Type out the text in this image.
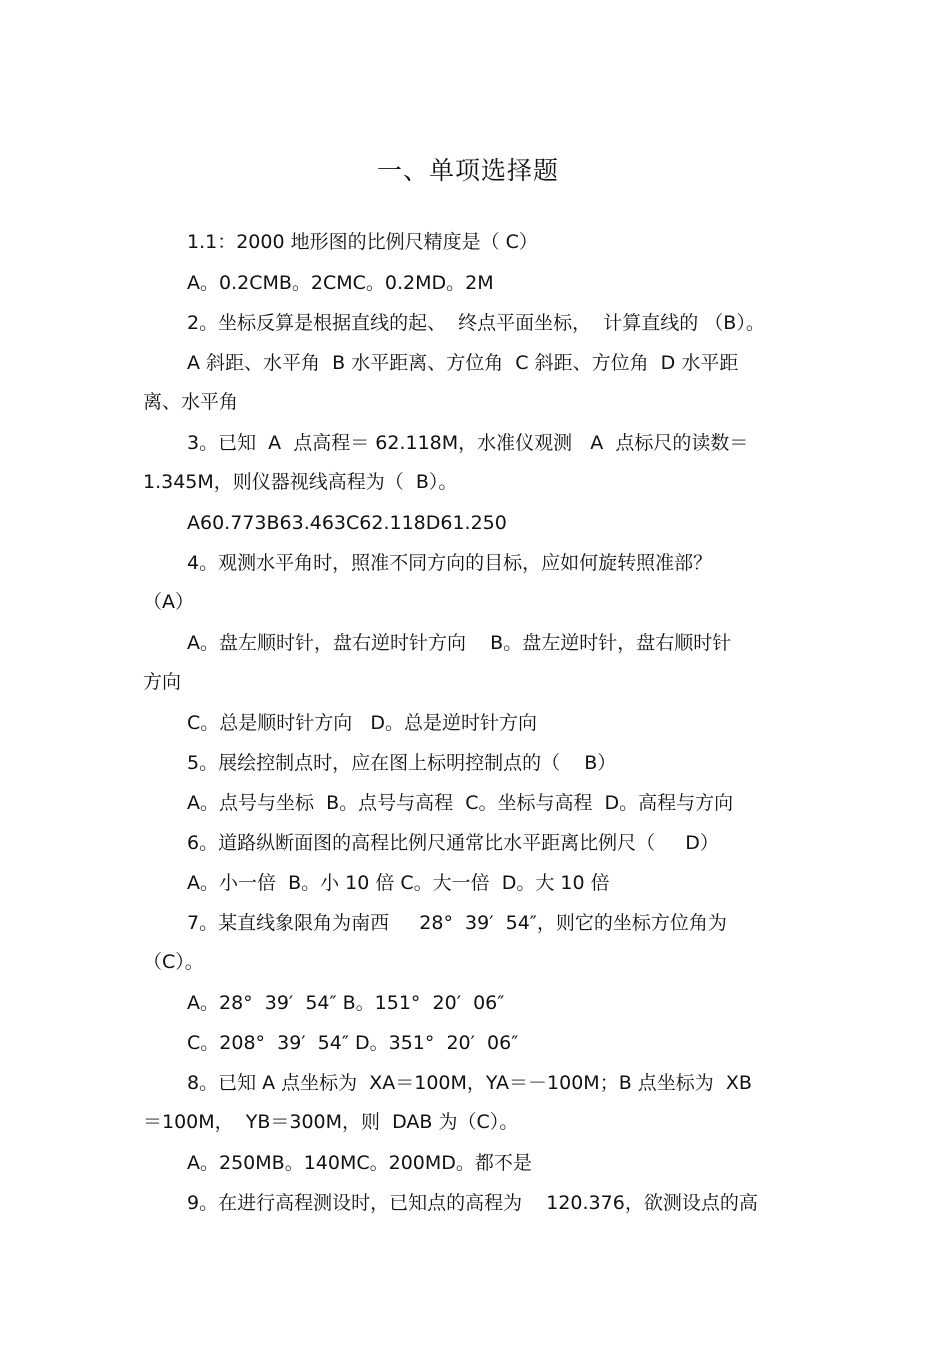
一、单项选择题

1.1：2000 地形图的比例尺精度是（ C）

A。0.2CMB。2CMC。0.2MD。2M

2。坐标反算是根据直线的起、  终点平面坐标，  计算直线的 （B）。

A 斜距、水平角  B 水平距离、方位角  C 斜距、方位角  D 水平距

离、水平角

3。已知  A  点高程＝ 62.118M，水准仪观测   A  点标尺的读数＝

1.345M，则仪器视线高程为（  B）。

A60.773B63.463C62.118D61.250

4。观测水平角时，照准不同方向的目标，应如何旋转照准部？

（A）

A。盘左顺时针，盘右逆时针方向    B。盘左逆时针，盘右顺时针

方向

C。总是顺时针方向   D。总是逆时针方向

5。展绘控制点时，应在图上标明控制点的（    B）

A。点号与坐标  B。点号与高程  C。坐标与高程  D。高程与方向

6。道路纵断面图的高程比例尺通常比水平距离比例尺（     D）

A。小一倍  B。小 10 倍 C。大一倍  D。大 10 倍

7。某直线象限角为南西     28°  39′  54″，则它的坐标方位角为

（C）。

A。28°  39′  54″ B。151°  20′  06″

C。208°  39′  54″ D。351°  20′  06″

8。已知 A 点坐标为  XA＝100M，YA＝－100M；B 点坐标为  XB

＝100M，  YB＝300M，则  DAB 为（C）。

A。250MB。140MC。200MD。都不是

9。在进行高程测设时，已知点的高程为    120.376，欲测设点的高
